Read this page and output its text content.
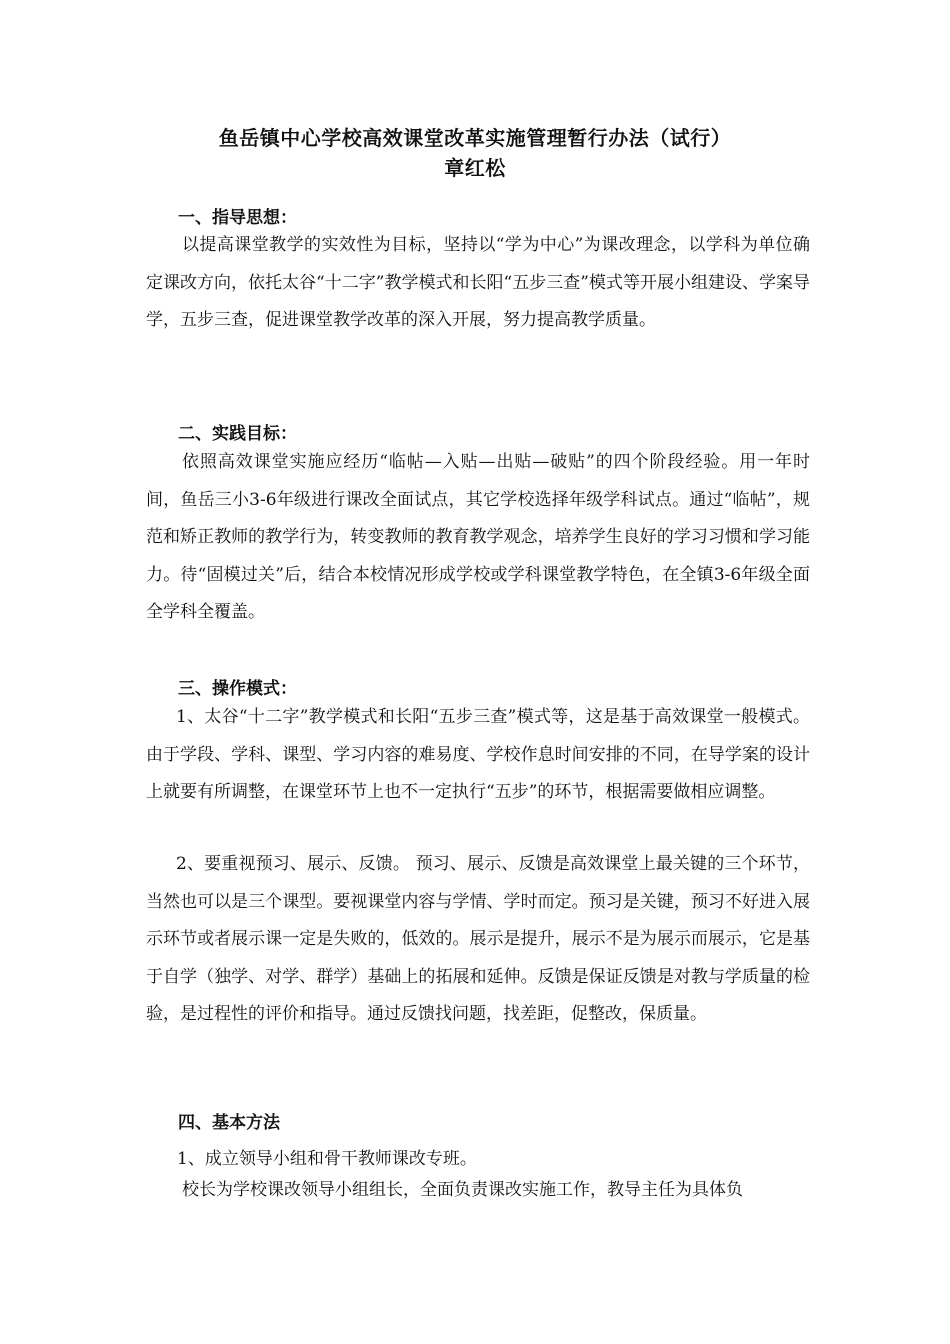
鱼岳镇中心学校高效课堂改革实施管理暂行办法（试行）
章红松
一、指导思想：

以提高课堂教学的实效性为目标，坚持以“学为中心”为课改理念，以学科为单位确定课改方向，依托太谷“十二字”教学模式和长阳“五步三查”模式等开展小组建设、学案导学，五步三查，促进课堂教学改革的深入开展，努力提高教学质量。

二、实践目标：

依照高效课堂实施应经历“临帖—入贴—出贴—破贴”的四个阶段经验。用一年时间，鱼岳三小3-6年级进行课改全面试点，其它学校选择年级学科试点。通过“临帖”，规范和矫正教师的教学行为，转变教师的教育教学观念，培养学生良好的学习习惯和学习能力。待“固模过关”后，结合本校情况形成学校或学科课堂教学特色，在全镇3-6年级全面全学科全覆盖。

三、操作模式：

1、太谷“十二字”教学模式和长阳“五步三查”模式等，这是基于高效课堂一般模式。由于学段、学科、课型、学习内容的难易度、学校作息时间安排的不同，在导学案的设计上就要有所调整，在课堂环节上也不一定执行“五步”的环节，根据需要做相应调整。

2、要重视预习、展示、反馈。 预习、展示、反馈是高效课堂上最关键的三个环节，当然也可以是三个课型。要视课堂内容与学情、学时而定。预习是关键，预习不好进入展示环节或者展示课一定是失败的，低效的。展示是提升，展示不是为展示而展示，它是基于自学（独学、对学、群学）基础上的拓展和延伸。反馈是保证反馈是对教与学质量的检验，是过程性的评价和指导。通过反馈找问题，找差距，促整改，保质量。

四、基本方法
1、成立领导小组和骨干教师课改专班。

校长为学校课改领导小组组长，全面负责课改实施工作，教导主任为具体负
